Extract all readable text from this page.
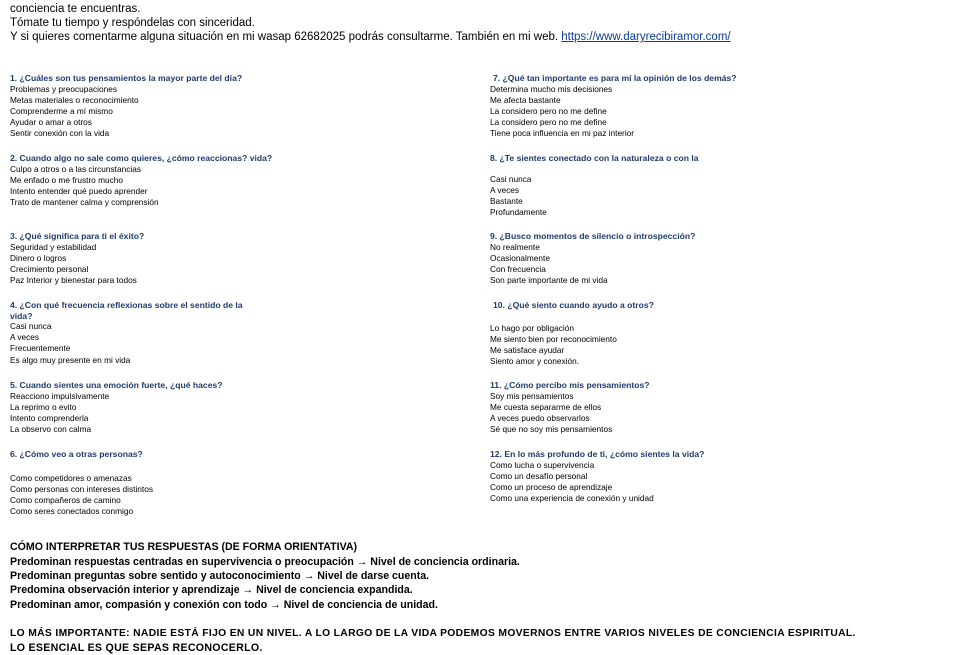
conciencia te encuentras.
Tómate tu tiempo y respóndelas con sinceridad.
Y si quieres comentarme alguna situación en mi wasap 62682025 podrás consultarme. También en mi web. https://www.daryrecibiramor.com/

1. ¿Cuáles son tus pensamientos la mayor parte del día?

Problemas y preocupaciones
Metas materiales o reconocimiento
Comprenderme a mí mismo
Ayudar o amar a otros
Sentir conexión con la vida

2. Cuando algo no sale como quieres, ¿cómo reaccionas? vida?

Culpo a otros o a las circunstancias
Me enfado o me frustro mucho
Intento entender qué puedo aprender
Trato de mantener calma y comprensión

3. ¿Qué significa para ti el éxito?

Seguridad y estabilidad
Dinero o logros
Crecimiento personal
Paz Interior y bienestar para todos

4. ¿Con qué frecuencia reflexionas sobre el sentido de la vida?

Casi nunca
A veces
Frecuentemente
Es algo muy presente en mi vida

5. Cuando sientes una emoción fuerte, ¿qué haces?

Reacciono impulsivamente
La reprimo o evito
Intento comprenderla
La observo con calma

6. ¿Cómo veo a otras personas?

Como competidores o amenazas
Como personas con intereses distintos
Como compañeros de camino
Como seres conectados conmigo

7. ¿Qué tan importante es para mí la opinión de los demás?

Determina mucho mis decisiones
Me afecta bastante
La considero pero no me define
La considero pero no me define
Tiene poca influencia en mi paz interior

8. ¿Te sientes conectado con la naturaleza o con la

Casi nunca
A veces
Bastante
Profundamente

9. ¿Busco momentos de silencio o introspección?

No realmente
Ocasionalmente
Con frecuencia
Son parte importante de mi vida

10. ¿Qué siento cuando ayudo a otros?

Lo hago por obligación
Me siento bien por reconocimiento
Me satisface ayudar
Siento amor y conexión.

11. ¿Cómo percibo mis pensamientos?

Soy mis pensamientos
Me cuesta separarme de ellos
A veces puedo observarlos
Sé que no soy mis pensamientos

12. En lo más profundo de ti, ¿cómo sientes la vida?

Como lucha o supervivencia
Como un desafío personal
Como un proceso de aprendizaje
Como una experiencia de conexión y unidad
CÓMO INTERPRETAR TUS RESPUESTAS (DE FORMA ORIENTATIVA)
Predominan respuestas centradas en supervivencia o preocupación → Nivel de conciencia ordinaria.
Predominan preguntas sobre sentido y autoconocimiento → Nivel de darse cuenta.
Predomina observación interior y aprendizaje → Nivel de conciencia expandida.
Predominan amor, compasión y conexión con todo → Nivel de conciencia de unidad.
LO MÁS IMPORTANTE: NADIE ESTÁ FIJO EN UN NIVEL. A LO LARGO DE LA VIDA PODEMOS MOVERNOS ENTRE VARIOS NIVELES DE CONCIENCIA ESPIRITUAL.
LO ESENCIAL ES QUE SEPAS RECONOCERLO.
